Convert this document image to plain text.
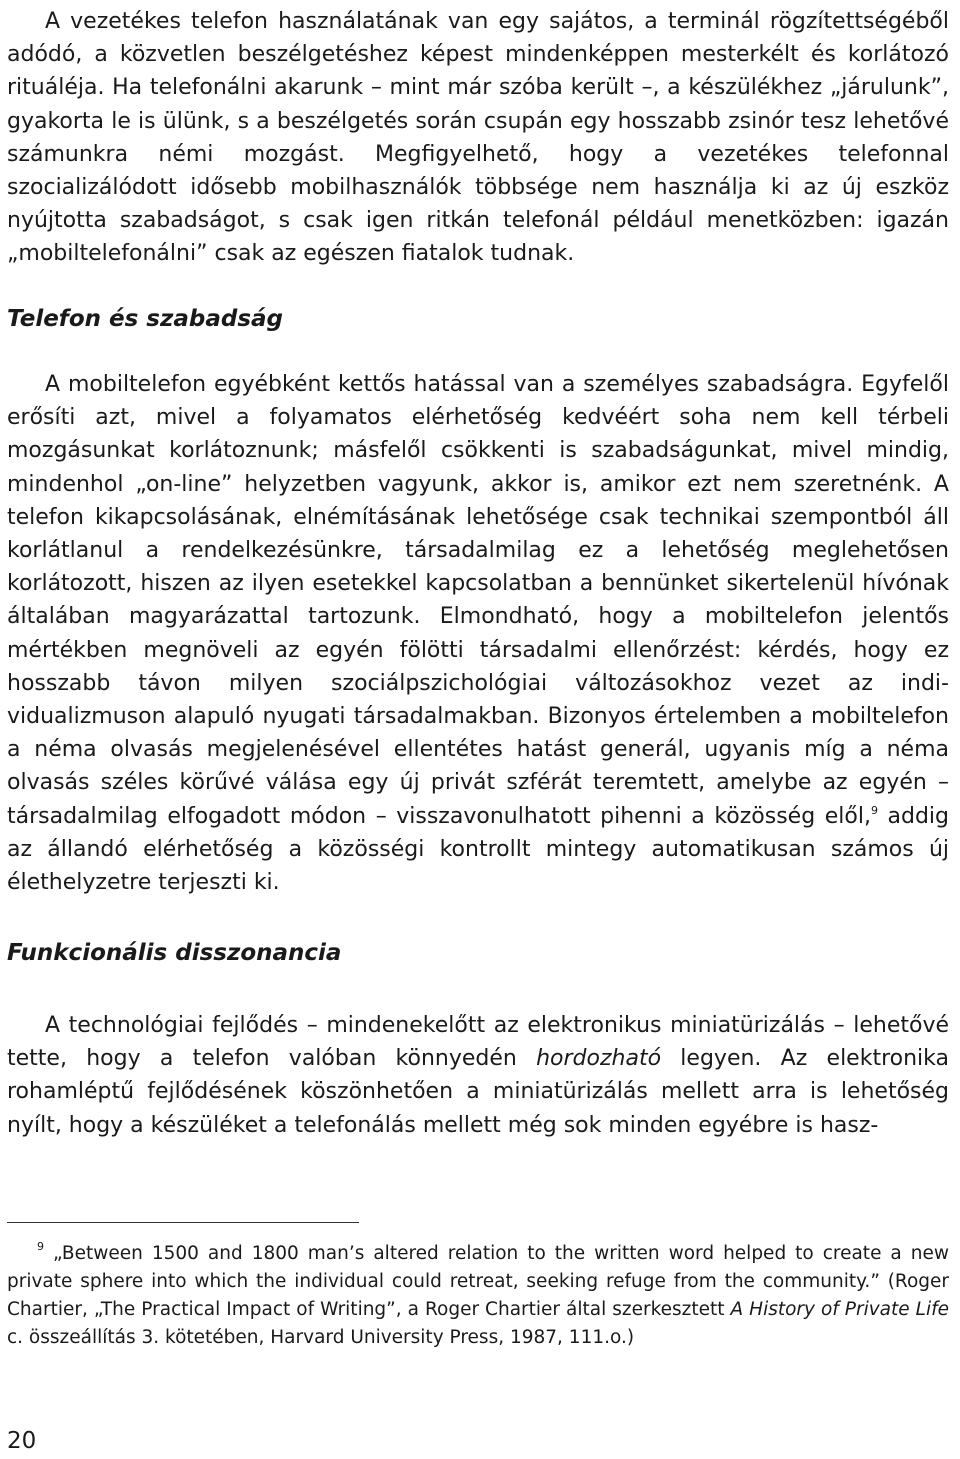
A vezetékes telefon használatának van egy sajátos, a terminál rögzítettségéből adódó, a közvetlen beszélgetéshez képest mindenképpen mesterkélt és korlátozó rituáléja. Ha telefonálni akarunk – mint már szóba került –, a készülékhez „járulunk”, gyakorta le is ülünk, s a beszélgetés során csupán egy hosszabb zsinór tesz lehetővé számunkra némi mozgást. Megfigyelhető, hogy a vezetékes telefonnal szocializálódott idősebb mobilhasználók többsége nem használja ki az új eszköz nyújtotta szabadságot, s csak igen ritkán telefonál például menetközben: igazán „mobiltelefonálni” csak az egészen fiatalok tudnak.

Telefon és szabadság

A mobiltelefon egyébként kettős hatással van a személyes szabadságra. Egyfelől erősíti azt, mivel a folyamatos elérhetőség kedvéért soha nem kell térbeli mozgásunkat korlátoznunk; másfelől csökkenti is szabadságunkat, mivel mindig, mindenhol „on-line” helyzetben vagyunk, akkor is, amikor ezt nem szeretnénk. A telefon kikapcsolásának, elnémításának lehetősége csak technikai szempontból áll korlátlanul a rendelkezésünkre, társadalmilag ez a lehetőség meglehetősen korlátozott, hiszen az ilyen esetekkel kapcsolatban a bennünket sikertelenül hívónak általában magyarázattal tartozunk. Elmondható, hogy a mobiltelefon jelentős mértékben megnöveli az egyén fölötti társadalmi ellenőrzést: kérdés, hogy ez hosszabb távon milyen szociálpszichológiai változásokhoz vezet az individualizmuson alapuló nyugati társadalmakban. Bizonyos értelemben a mobiltelefon a néma olvasás megjelenésével ellentétes hatást generál, ugyanis míg a néma olvasás széles körűvé válása egy új privát szférát teremtett, amelybe az egyén – társadalmilag elfogadott módon – visszavonulhatott pihenni a közösség elől,$^9$ addig az állandó elérhetőség a közösségi kontrollt mintegy automatikusan számos új élethelyzetre terjeszti ki.

Funkcionális disszonancia

A technológiai fejlődés – mindenekelőtt az elektronikus miniatürizálás – lehetővé tette, hogy a telefon valóban könnyedén hordozható legyen. Az elektronika rohamléptű fejlődésének köszönhetően a miniatürizálás mellett arra is lehetőség nyílt, hogy a készüléket a telefonálás mellett még sok minden egyébre is hasz-

$^9$ „Between 1500 and 1800 man’s altered relation to the written word helped to create a new private sphere into which the individual could retreat, seeking refuge from the community.” (Roger Chartier, „The Practical Impact of Writing”, a Roger Chartier által szerkesztett A History of Private Life c. összeállítás 3. kötetében, Harvard University Press, 1987, 111.o.)

20
